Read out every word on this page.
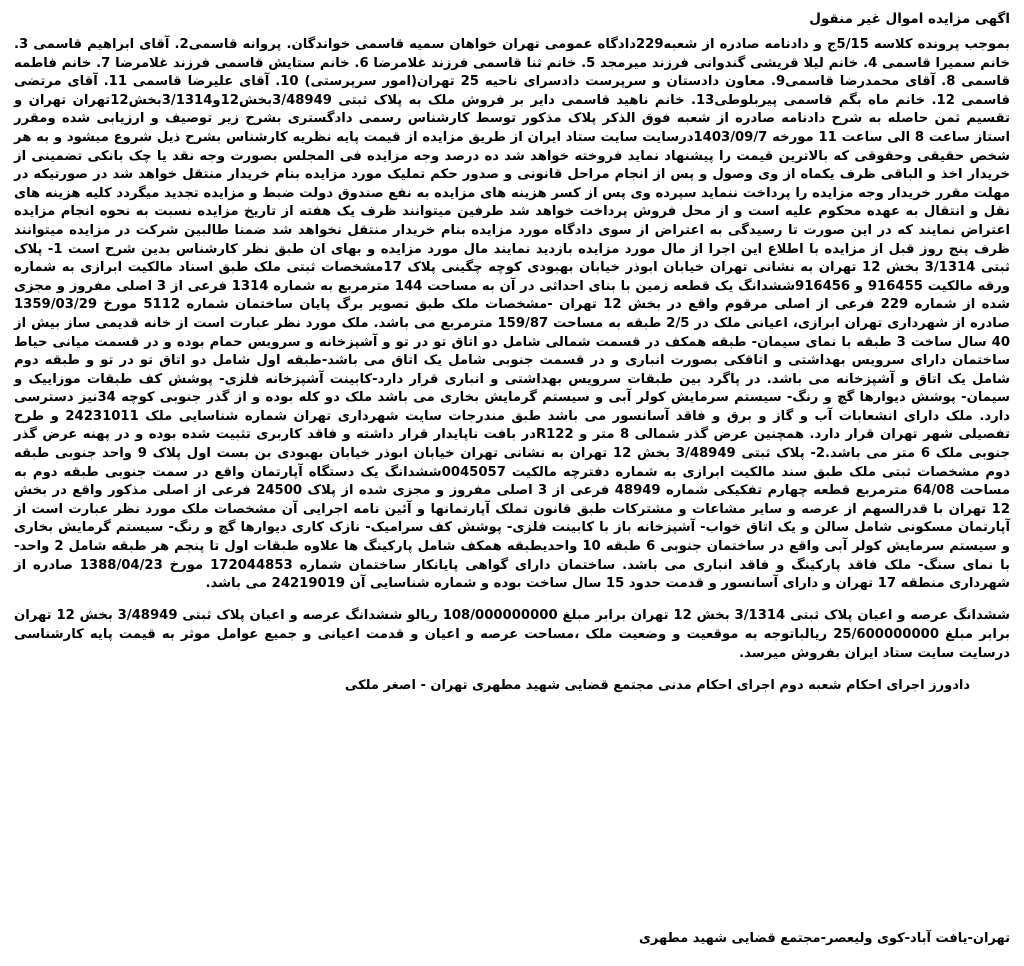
اگهی مزایده اموال غیر منقول

بموجب پرونده کلاسه 5/15ج و دادنامه صادره از شعبه229دادگاه عمومی تهران خواهان سمیه قاسمی خواندگان. پروانه قاسمی2. آقای ابراهیم قاسمی 3. خانم سمیرا قاسمی 4. خانم لیلا قریشی گندوانی فرزند میرمجد 5. خانم ثنا قاسمی فرزند غلامرضا 6. خانم ستایش قاسمی فرزند غلامرضا 7. خانم فاطمه قاسمی 8. آقای محمدرضا قاسمی9. معاون دادستان و سرپرست دادسرای ناحیه 25 تهران(امور سرپرستی) 10. آقای علیرضا قاسمی 11. آقای مرتضی قاسمی 12. خانم ماه بگم قاسمی پیربلوطی13. خانم ناهید قاسمی دایر بر فروش ملک به پلاک ثبتی 3/48949بخش12و3/1314بخش12تهران تهران و تقسیم ثمن حاصله به شرح دادنامه صادره از شعبه فوق الذکر پلاک مذکور توسط کارشناس رسمی دادگستری بشرح زیر توصیف و ارزیابی شده ومقرر استاز ساعت 8 الی ساعت 11 مورخه 1403/09/7درسایت سایت ستاد ایران از طریق مزایده از قیمت پایه نظریه کارشناس بشرح ذیل شروع میشود و به هر شخص حقیقی وحقوقی که بالاترین قیمت را پیشنهاد نماید فروخته خواهد شد ده درصد وجه مزایده فی المجلس بصورت وجه نقد یا چک بانکی تضمینی از خریدار اخذ و الباقی ظرف یکماه از وی وصول و پس از انجام مراحل قانونی و صدور حکم تملیک مورد مزایده بنام خریدار منتقل خواهد شد در صورتیکه در مهلت مقرر خریدار وجه مزایده را پرداخت ننماید سپرده وی پس از کسر هزینه های مزایده به نفع صندوق دولت ضبط و مزایده تجدید میگردد کلیه هزینه های نقل و انتقال به عهده محکوم علیه است و از محل فروش پرداخت خواهد شد طرفین میتوانند ظرف یک هفته از تاریخ مزایده نسبت به نحوه انجام مزایده اعتراض نمایند که در این صورت تا رسیدگی به اعتراض از سوی دادگاه مورد مزایده بنام خریدار منتقل نخواهد شد ضمنا طالبین شرکت در مزایده میتوانند ظرف پنج روز قبل از مزایده با اطلاع این اجرا از مال مورد مزایده بازدید نمایند مال مورد مزایده و بهای ان طبق نظر کارشناس بدین شرح است 1- پلاک ثبتی 3/1314 بخش 12 تهران به نشانی تهران خیابان ابوذر خیابان بهبودی کوچه چگینی پلاک 17مشخصات ثبتی ملک طبق اسناد مالکیت ابرازی به شماره ورقه مالکیت 916455 و 916456ششدانگ یک قطعه زمین با بنای احداثی در آن به مساحت 144 مترمربع به شماره 1314 فرعی از 3 اصلی مفروز و مجزی شده از شماره 229 فرعی از اصلی مرقوم واقع در بخش 12 تهران -مشخصات ملک طبق تصویر برگ پایان ساختمان شماره 5112 مورخ 1359/03/29 صادره از شهرداری تهران ابرازی، اعیانی ملک در 2/5 طبقه به مساحت 159/87 مترمربع می باشد. ملک مورد نظر عبارت است از خانه قدیمی ساز بیش از 40 سال ساخت 3 طبقه با نمای سیمان- طبقه همکف در قسمت شمالی شامل دو اتاق تو در تو و آشپزخانه و سرویس حمام بوده و در قسمت میانی حیاط ساختمان دارای سرویس بهداشتی و اتاقکی بصورت انباری و در قسمت جنوبی شامل یک اتاق می باشد-طبقه اول شامل دو اتاق تو در تو و طبقه دوم شامل یک اتاق و آشپزخانه می باشد. در پاگرد بین طبقات سرویس بهداشتی و انباری قرار دارد-کابینت آشپزخانه فلزی- پوشش کف طبقات موزاییک و سیمان- پوشش دیوارها گچ و رنگ- سیستم سرمایش کولر آبی و سیستم گرمایش بخاری می باشد ملک دو کله بوده و از گذر جنوبی کوچه 34نیز دسترسی دارد. ملک دارای انشعابات آب و گاز و برق و فاقد آسانسور می باشد طبق مندرجات سایت شهرداری تهران شماره شناسایی ملک 24231011 و طرح تفصیلی شهر تهران قرار دارد. همچنین عرض گذر شمالی 8 متر و R122در بافت ناپایدار قرار داشته و فاقد کاربری تثبیت شده بوده و در پهنه عرض گذر جنوبی ملک 6 متر می باشد.2- پلاک ثبتی 3/48949 بخش 12 تهران به نشانی تهران خیابان ابوذر خیابان بهبودی بن بست اول پلاک 9 واحد جنوبی طبقه دوم مشخصات ثبتی ملک طبق سند مالکیت ابرازی به شماره دفترچه مالکیت 0045057ششدانگ یک دستگاه آپارتمان واقع در سمت جنوبی طبقه دوم به مساحت 64/08 مترمربع قطعه چهارم تفکیکی شماره 48949 فرعی از 3 اصلی مفروز و مجزی شده از پلاک 24500 فرعی از اصلی مذکور واقع در بخش 12 تهران با قدرالسهم از عرصه و سایر مشاعات و مشترکات طبق قانون تملک آپارتمانها و آئین نامه اجرایی آن مشخصات ملک مورد نظر عبارت است از آپارتمان مسکونی شامل سالن و یک اتاق خواب- آشپزخانه باز با کابینت فلزی- پوشش کف سرامیک- نازک کاری دیوارها گچ و رنگ- سیستم گرمایش بخاری و سیستم سرمایش کولر آبی واقع در ساختمان جنوبی 6 طبقه 10 واحدیطبقه همکف شامل پارکینگ ها علاوه طبقات اول تا پنجم هر طبقه شامل 2 واحد- با نمای سنگ- ملک فاقد پارکینگ و فاقد انباری می باشد. ساختمان دارای گواهی پایانکار ساختمان شماره 172044853 مورخ 1388/04/23 صادره از شهرداری منطقه 17 تهران و دارای آسانسور و قدمت حدود 15 سال ساخت بوده و شماره شناسایی آن 24219019 می باشد.

ششدانگ عرصه و اعیان پلاک ثبتی 3/1314 بخش 12 تهران برابر مبلغ 108/000000000 ریالو ششدانگ عرصه و اعیان پلاک ثبتی 3/48949 بخش 12 تهران برابر مبلغ 25/600000000 ریالباتوجه به موقعیت و وضعیت ملک ،مساحت عرصه و اعیان و قدمت اعیانی و جمیع عوامل موثر به قیمت پایه کارشناسی درسایت سایت ستاد ایران بفروش میرسد.

دادورز اجرای احکام شعبه دوم اجرای احکام مدنی مجتمع قضایی شهید مطهری تهران - اصغر ملکی
تهران-یافت آباد-کوی ولیعصر-مجتمع قضایی شهید مطهری
